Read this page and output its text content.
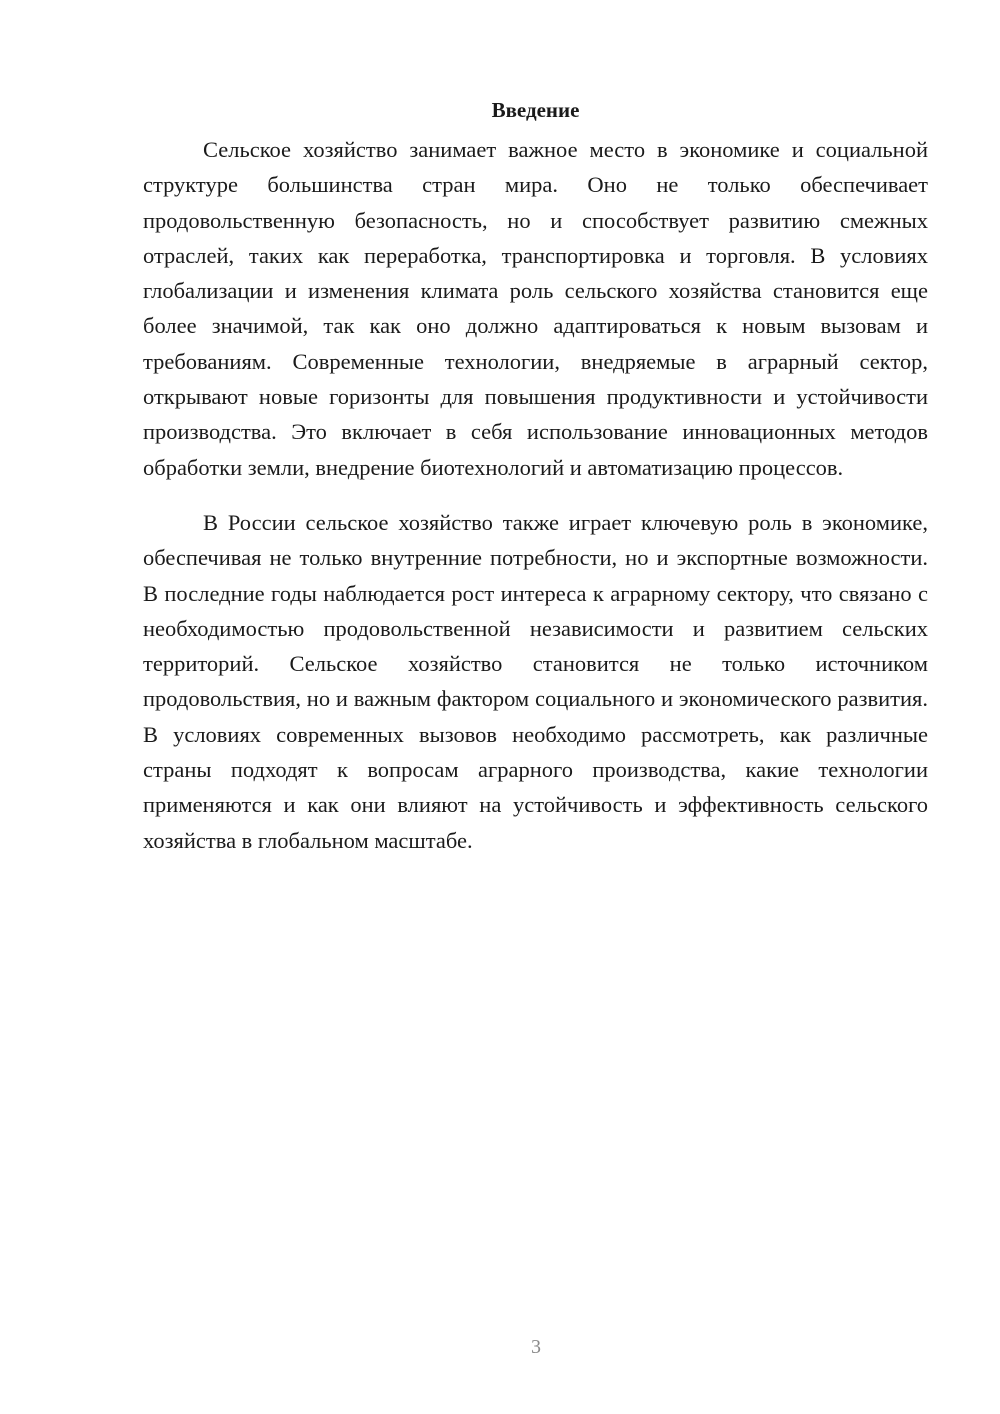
Введение

Сельское хозяйство занимает важное место в экономике и социальной структуре большинства стран мира. Оно не только обеспечивает продовольственную безопасность, но и способствует развитию смежных отраслей, таких как переработка, транспортировка и торговля. В условиях глобализации и изменения климата роль сельского хозяйства становится еще более значимой, так как оно должно адаптироваться к новым вызовам и требованиям. Современные технологии, внедряемые в аграрный сектор, открывают новые горизонты для повышения продуктивности и устойчивости производства. Это включает в себя использование инновационных методов обработки земли, внедрение биотехнологий и автоматизацию процессов.

В России сельское хозяйство также играет ключевую роль в экономике, обеспечивая не только внутренние потребности, но и экспортные возможности. В последние годы наблюдается рост интереса к аграрному сектору, что связано с необходимостью продовольственной независимости и развитием сельских территорий. Сельское хозяйство становится не только источником продовольствия, но и важным фактором социального и экономического развития. В условиях современных вызовов необходимо рассмотреть, как различные страны подходят к вопросам аграрного производства, какие технологии применяются и как они влияют на устойчивость и эффективность сельского хозяйства в глобальном масштабе.

3
